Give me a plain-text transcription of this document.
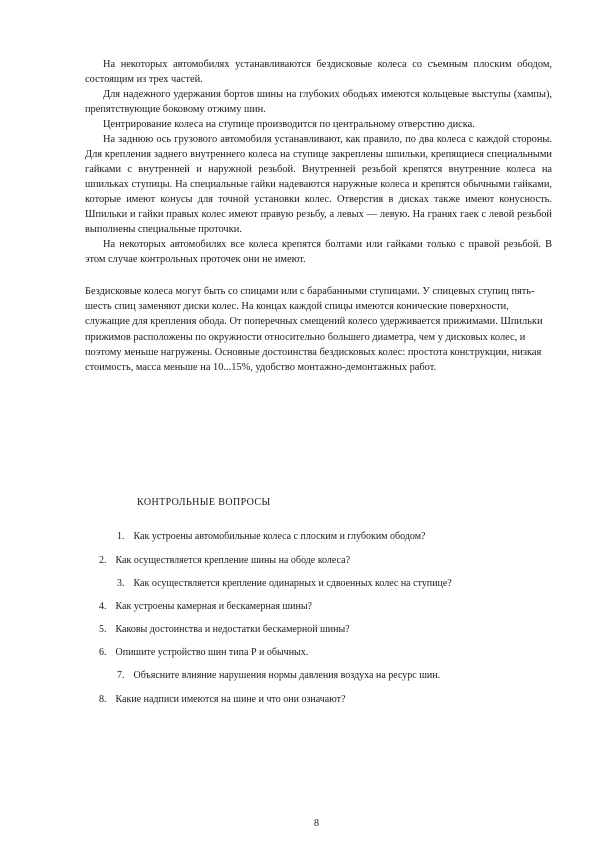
На некоторых автомобилях устанавливаются бездисковые колеса со съемным плоским ободом, состоящим из трех частей.

Для надежного удержания бортов шины на глубоких ободьях имеются кольцевые выступы (хампы), препятствующие боковому отжиму шин.

Центрирование колеса на ступице производится по центральному отверстию диска.

На заднюю ось грузового автомобиля устанавливают, как правило, по два колеса с каждой стороны. Для крепления заднего внутреннего колеса на ступице закреплены шпильки, крепящиеся специальными гайками с внутренней и наружной резьбой. Внутренней резьбой крепятся внутренние колеса на шпильках ступицы. На специальные гайки надеваются наружные колеса и крепятся обычными гайками, которые имеют конусы для точной установки колес. Отверстия в дисках также имеют конусность. Шпильки и гайки правых колес имеют правую резьбу, а левых — левую. На гранях гаек с левой резьбой выполнены специальные проточки.

На некоторых автомобилях все колеса крепятся болтами или гайками только с правой резьбой. В этом случае контрольных проточек они не имеют.

Бездисковые колеса могут быть со спицами или с барабанными ступицами. У спицевых ступиц пять-шесть спиц заменяют диски колес. На концах каждой спицы имеются конические поверхности, служащие для крепления обода. От поперечных смещений колесо удерживается прижимами. Шпильки прижимов расположены по окружности относительно большего диаметра, чем у дисковых колес, и поэтому меньше нагружены. Основные достоинства бездисковых колес: простота конструкции, низкая стоимость, масса меньше на 10...15%, удобство монтажно-демонтажных работ.

КОНТРОЛЬНЫЕ ВОПРОСЫ
1. Как устроены автомобильные колеса с плоским и глубоким ободом?
2. Как осуществляется крепление шины на ободе колеса?
3. Как осуществляется крепление одинарных и сдвоенных колес на ступице?
4. Как устроены камерная и бескамерная шины?
5. Каковы достоинства и недостатки бескамерной шины?
6. Опишите устройство шин типа Р и обычных.
7. Объясните влияние нарушения нормы давления воздуха на ресурс шин.
8. Какие надписи имеются на шине и что они означают?
8
